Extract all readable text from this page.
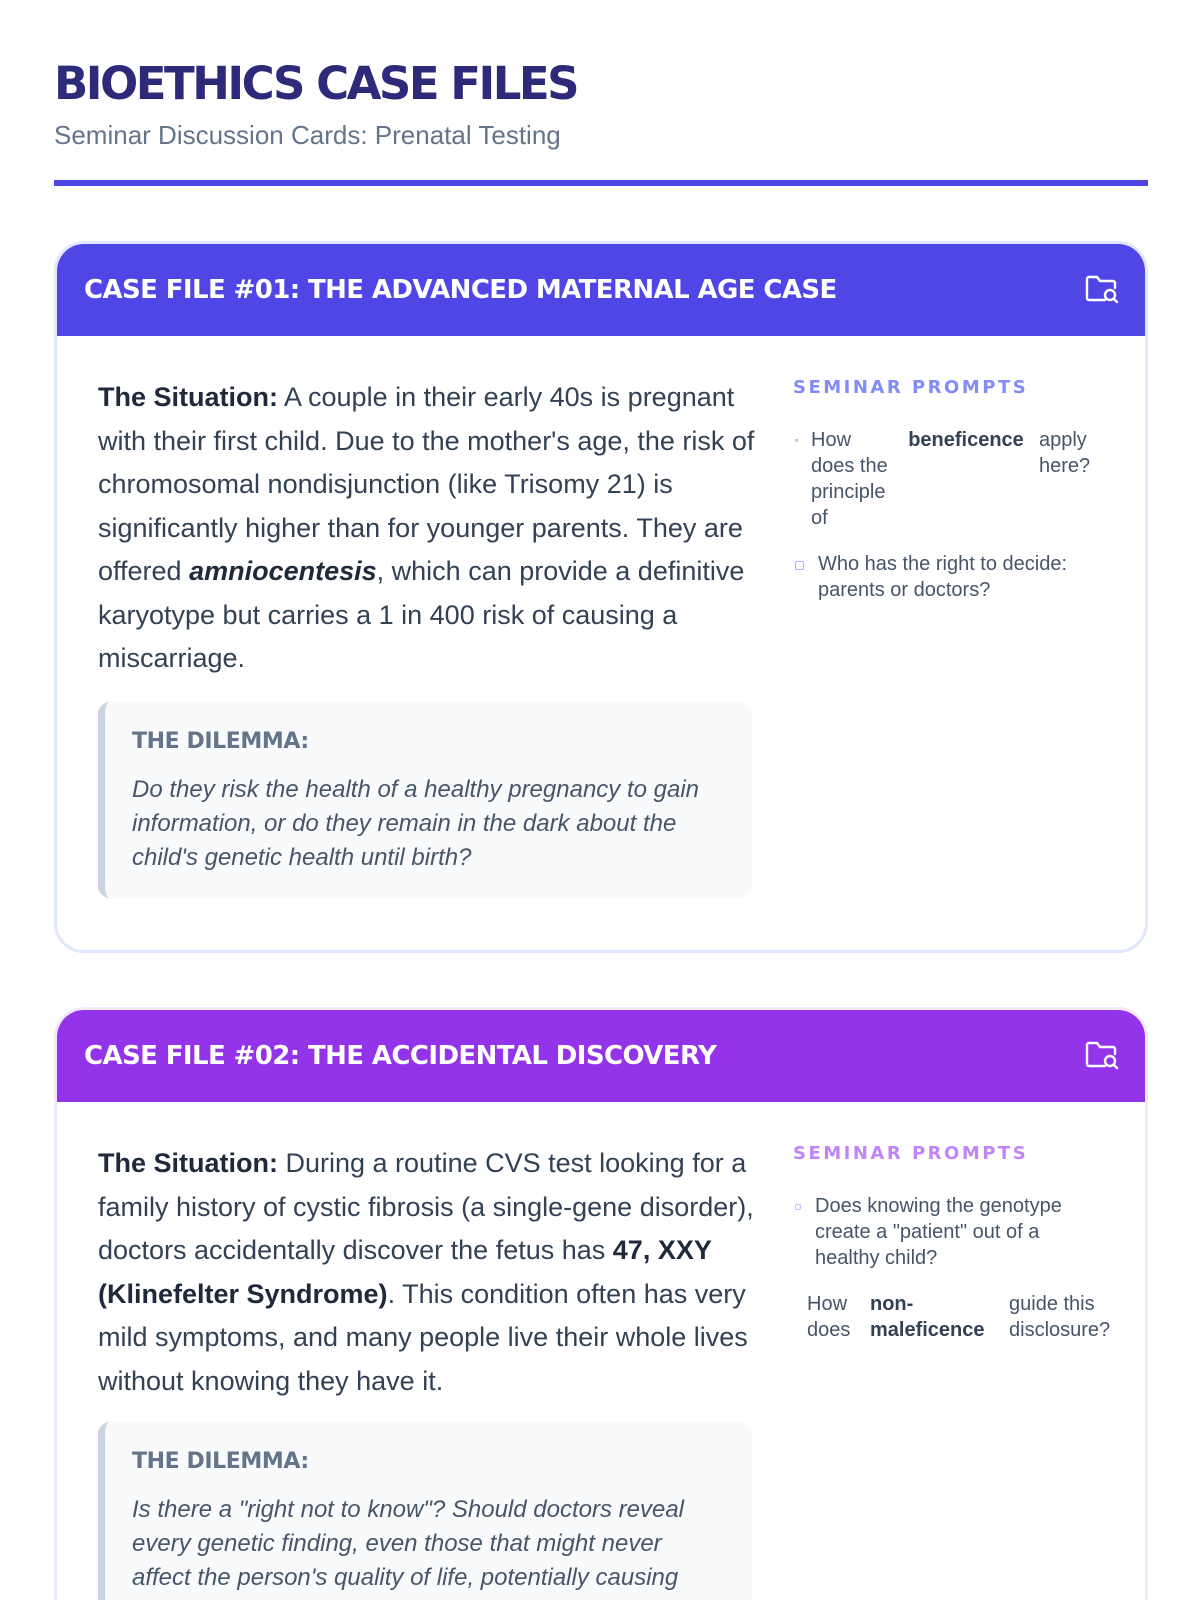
BIOETHICS CASE FILES

Seminar Discussion Cards: Prenatal Testing

CASE FILE #01: THE ADVANCED MATERNAL AGE CASE

The Situation: A couple in their early 40s is pregnant with their first child. Due to the mother's age, the risk of chromosomal nondisjunction (like Trisomy 21) is significantly higher than for younger parents. They are offered amniocentesis, which can provide a definitive karyotype but carries a 1 in 400 risk of causing a miscarriage.

THE DILEMMA:

Do they risk the health of a healthy pregnancy to gain information, or do they remain in the dark about the child's genetic health until birth?

SEMINAR PROMPTS
How does the principle of
beneficence apply here?
Who has the right to decide: parents or doctors?
CASE FILE #02: THE ACCIDENTAL DISCOVERY

The Situation: During a routine CVS test looking for a family history of cystic fibrosis (a single-gene disorder), doctors accidentally discover the fetus has 47, XXY (Klinefelter Syndrome). This condition often has very mild symptoms, and many people live their whole lives without knowing they have it.

THE DILEMMA:

Is there a "right not to know"? Should doctors reveal every genetic finding, even those that might never affect the person's quality of life, potentially causing

SEMINAR PROMPTS
Does knowing the genotype create a "patient" out of a healthy child?
How does
non-maleficence
guide this disclosure?
